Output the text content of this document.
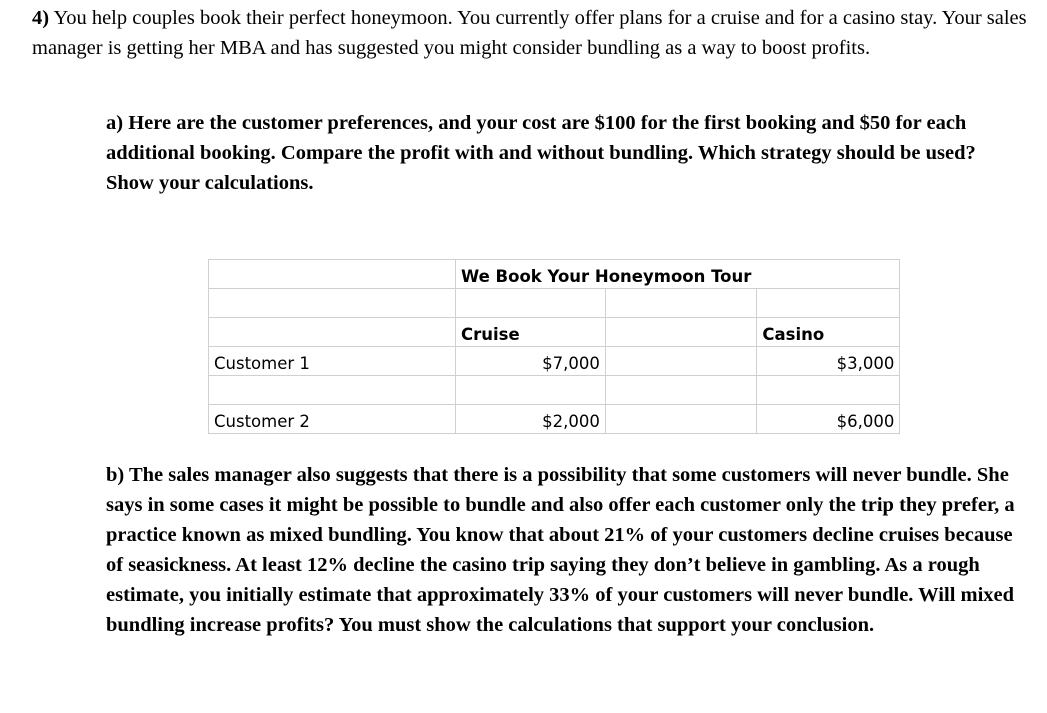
4) You help couples book their perfect honeymoon. You currently offer plans for a cruise and for a casino stay. Your sales manager is getting her MBA and has suggested you might consider bundling as a way to boost profits.

a) Here are the customer preferences, and your cost are $100 for the first booking and $50 for each additional booking. Compare the profit with and without bundling. Which strategy should be used? Show your calculations.

	We Book Your Honeymoon Tour		

	Cruise		Casino
Customer 1	$7,000		$3,000

Customer 2	$2,000		$6,000

b) The sales manager also suggests that there is a possibility that some customers will never bundle. She says in some cases it might be possible to bundle and also offer each customer only the trip they prefer, a practice known as mixed bundling. You know that about 21% of your customers decline cruises because of seasickness. At least 12% decline the casino trip saying they don’t believe in gambling. As a rough estimate, you initially estimate that approximately 33% of your customers will never bundle. Will mixed bundling increase profits? You must show the calculations that support your conclusion.
